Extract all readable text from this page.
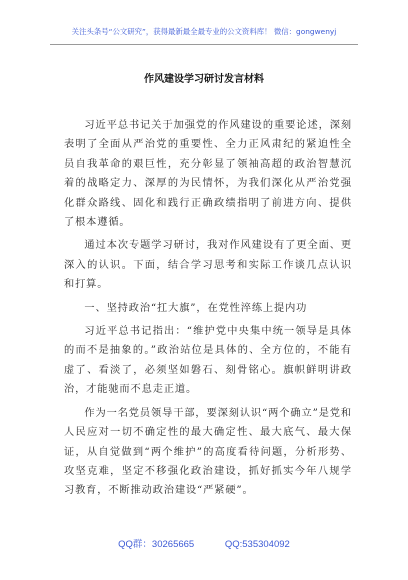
关注头条号“公文研究”，获得最新最全最专业的公文资料库！ 微信：gongwenyj
作风建设学习研讨发言材料

习近平总书记关于加强党的作风建设的重要论述，深刻表明了全面从严治党的重要性、全力正风肃纪的紧迫性全员自我革命的艰巨性，充分彰显了领袖高超的政治智慧沉着的战略定力、深厚的为民情怀，为我们深化从严治党强化群众路线、固化和践行正确政绩指明了前进方向、提供了根本遵循。

通过本次专题学习研讨，我对作风建设有了更全面、更深入的认识。下面，结合学习思考和实际工作谈几点认识和打算。

一、坚持政治“扛大旗”，在党性淬练上提内功

习近平总书记指出：“维护党中央集中统一领导是具体的而不是抽象的。”政治站位是具体的、全方位的，不能有虚了、看淡了，必须坚如磐石、刻骨铭心。旗帜鲜明讲政治，才能驰而不息走正道。

作为一名党员领导干部，要深刻认识“两个确立”是党和人民应对一切不确定性的最大确定性、最大底气、最大保证，从自觉做到“两个维护”的高度看待问题，分析形势、攻坚克难，坚定不移强化政治建设，抓好抓实今年八规学习教育，不断推动政治建设“严紧硬”。

QQ群：30265665	QQ:535304092
